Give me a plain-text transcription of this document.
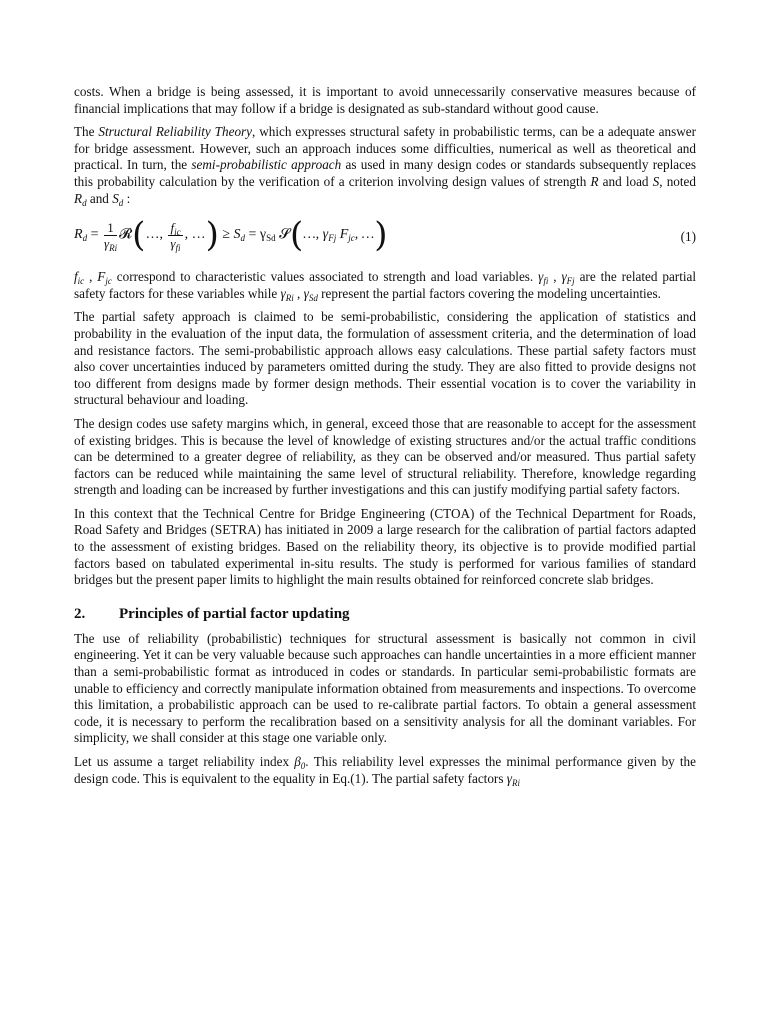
costs. When a bridge is being assessed, it is important to avoid unnecessarily conservative measures because of financial implications that may follow if a bridge is designated as sub-standard without good cause.

The Structural Reliability Theory, which expresses structural safety in probabilistic terms, can be a adequate answer for bridge assessment. However, such an approach induces some difficulties, numerical as well as theoretical and practical. In turn, the semi-probabilistic approach as used in many design codes or standards subsequently replaces this probability calculation by the verification of a criterion involving design values of strength R and load S, noted $R_d$ and $S_d$ :

$R_d = \frac{1}{\gamma_{Ri}}$ 𝓡(…, $\frac{f_{ic}}{\gamma_{fi}}$ , …) ≥ $S_d = \gamma_{Sd}$ 𝓢(…, $\gamma_{Fj}$ $F_{jc}$, …)	(1)

$f_{ic}$ , $F_{jc}$ correspond to characteristic values associated to strength and load variables. $\gamma_{fi}$ , $\gamma_{Fj}$ are the related partial safety factors for these variables while $\gamma_{Ri}$ , $\gamma_{Sd}$ represent the partial factors covering the modeling uncertainties.

The partial safety approach is claimed to be semi-probabilistic, considering the application of statistics and probability in the evaluation of the input data, the formulation of assessment criteria, and the determination of load and resistance factors. The semi-probabilistic approach allows easy calculations. These partial safety factors must also cover uncertainties induced by parameters omitted during the study. They are also fitted to provide designs not too different from designs made by former design methods. Their essential vocation is to cover the variability in structural behaviour and loading.

The design codes use safety margins which, in general, exceed those that are reasonable to accept for the assessment of existing bridges. This is because the level of knowledge of existing structures and/or the actual traffic conditions can be determined to a greater degree of reliability, as they can be observed and/or measured. Thus partial safety factors can be reduced while maintaining the same level of structural reliability. Therefore, knowledge regarding strength and loading can be increased by further investigations and this can justify modifying partial safety factors.

In this context that the Technical Centre for Bridge Engineering (CTOA) of the Technical Department for Roads, Road Safety and Bridges (SETRA) has initiated in 2009 a large research for the calibration of partial factors adapted to the assessment of existing bridges. Based on the reliability theory, its objective is to provide modified partial factors based on tabulated experimental in-situ results. The study is performed for various families of standard bridges but the present paper limits to highlight the main results obtained for reinforced concrete slab bridges.

2. Principles of partial factor updating

The use of reliability (probabilistic) techniques for structural assessment is basically not common in civil engineering. Yet it can be very valuable because such approaches can handle uncertainties in a more efficient manner than a semi-probabilistic format as introduced in codes or standards. In particular semi-probabilistic formats are unable to efficiency and correctly manipulate information obtained from measurements and inspections. To overcome this limitation, a probabilistic approach can be used to re-calibrate partial factors. To obtain a general assessment code, it is necessary to perform the recalibration based on a sensitivity analysis for all the dominant variables. For simplicity, we shall consider at this stage one variable only.

Let us assume a target reliability index $\beta_0$. This reliability level expresses the minimal performance given by the design code. This is equivalent to the equality in Eq.(1). The partial safety factors $\gamma_{Ri}$
